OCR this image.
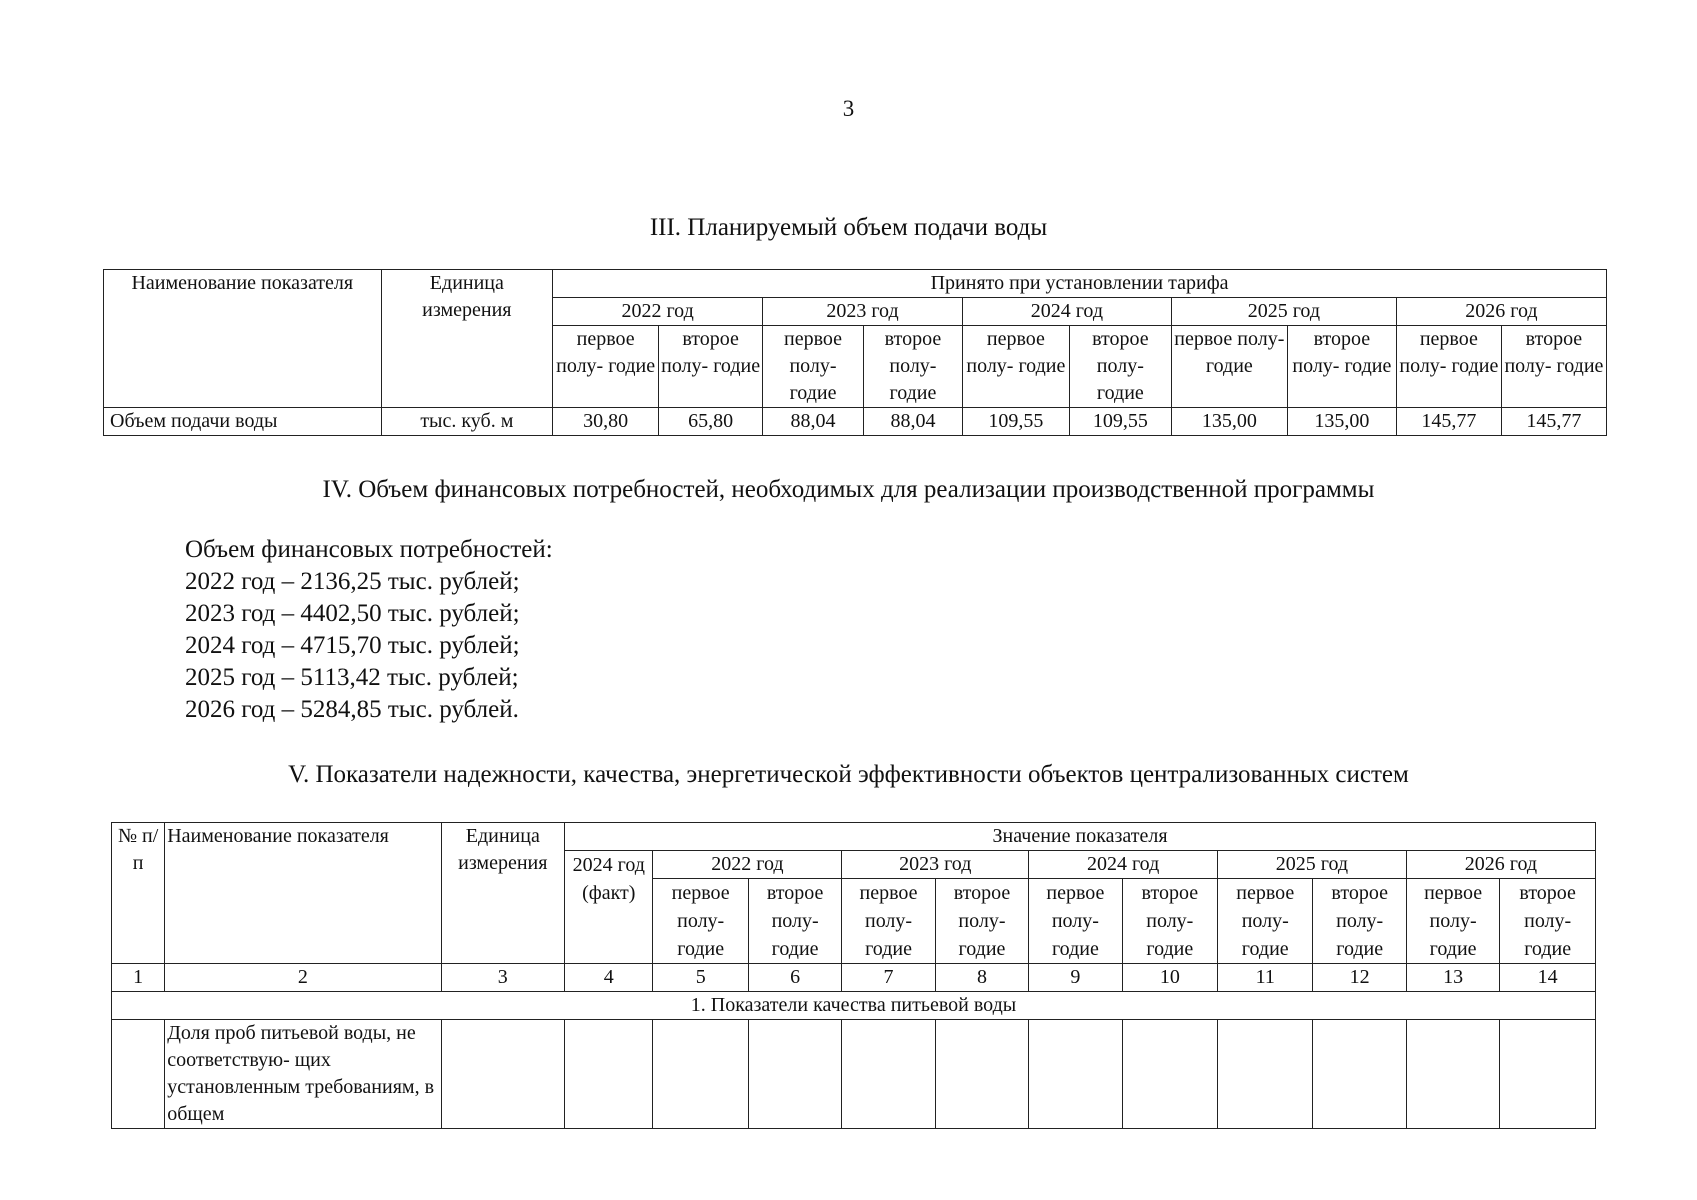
3
III. Планируемый объем подачи воды
Наименование показателя	Единица измерения	Принято при установлении тарифа									
		2022 год		2023 год		2024 год		2025 год		2026 год	
		первое полу- годие	второе полу- годие	первое полу- годие	второе полу- годие	первое полу- годие	второе полу- годие	первое полу- годие	второе полу- годие	первое полу- годие	второе полу- годие
Объем подачи воды	тыс. куб. м	30,80	65,80	88,04	88,04	109,55	109,55	135,00	135,00	145,77	145,77
IV. Объем финансовых потребностей, необходимых для реализации производственной программы
Объем финансовых потребностей:
2022 год – 2136,25 тыс. рублей;
2023 год – 4402,50 тыс. рублей;
2024 год – 4715,70 тыс. рублей;
2025 год – 5113,42 тыс. рублей;
2026 год – 5284,85 тыс. рублей.
V. Показатели надежности, качества, энергетической эффективности объектов централизованных систем
№ п/п	Наименование показателя	Единица измерения	Значение показателя										
			2024 год (факт)	2022 год		2023 год		2024 год		2025 год		2026 год	
				первое полу- годие	второе полу- годие	первое полу- годие	второе полу- годие	первое полу- годие	второе полу- годие	первое полу- годие	второе полу- годие	первое полу- годие	второе полу- годие
1	2	3	4	5	6	7	8	9	10	11	12	13	14
1. Показатели качества питьевой воды													
	Доля проб питьевой воды, не соответствую- щих установленным требованиям, в общем												
